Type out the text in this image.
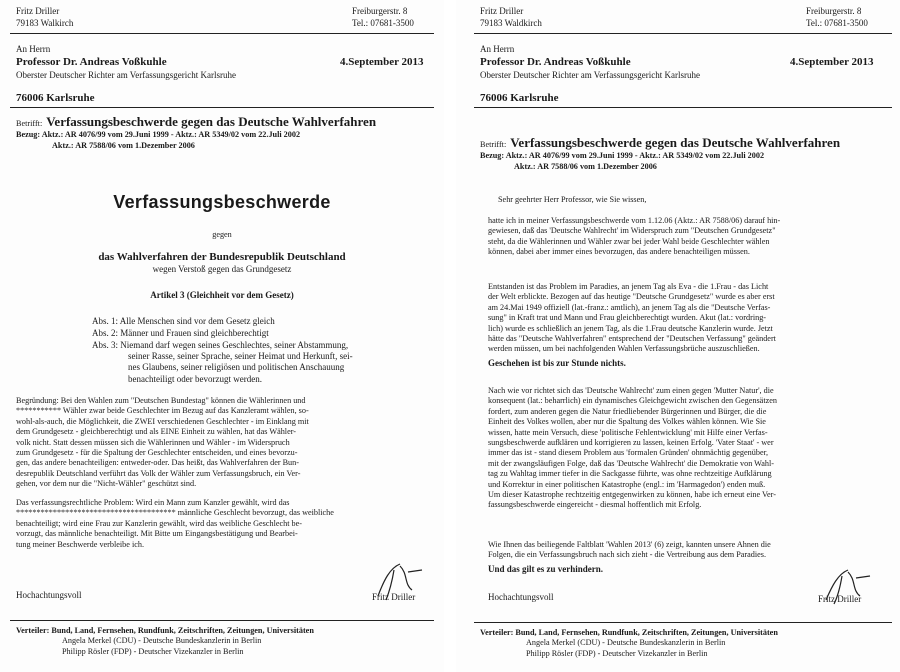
Fritz Driller
79183 Walkirch
Freiburgerstr. 8
Tel.: 07681-3500
An Herrn
Professor Dr. Andreas Voßkuhle	4.September 2013
Oberster Deutscher Richter am Verfassungsgericht Karlsruhe
76006 Karlsruhe
Betrifft: Verfassungsbeschwerde gegen das Deutsche Wahlverfahren
Bezug: Aktz.: AR 4076/99 vom 29.Juni 1999 - Aktz.: AR 5349/02 vom 22.Juli 2002
Aktz.: AR 7588/06 vom 1.Dezember 2006
Verfassungsbeschwerde
gegen
das Wahlverfahren der Bundesrepublik Deutschland
wegen Verstoß gegen das Grundgesetz
Artikel 3 (Gleichheit vor dem Gesetz)
Abs. 1: Alle Menschen sind vor dem Gesetz gleich
Abs. 2: Männer und Frauen sind gleichberechtigt
Abs. 3: Niemand darf wegen seines Geschlechtes, seiner Abstammung,
seiner Rasse, seiner Sprache, seiner Heimat und Herkunft, sei-
nes Glaubens, seiner religiösen und politischen Anschauung
benachteiligt oder bevorzugt werden.
Begründung: Bei den Wahlen zum "Deutschen Bundestag" können die Wählerinnen und
*********** Wähler zwar beide Geschlechter im Bezug auf das Kanzleramt wählen, so-
wohl-als-auch, die Möglichkeit, die ZWEI verschiedenen Geschlechter - im Einklang mit
dem Grundgesetz - gleichberechtigt und als EINE Einheit zu wählen, hat das Wähler-
volk nicht. Statt dessen müssen sich die Wählerinnen und Wähler - im Widerspruch
zum Grundgesetz - für die Spaltung der Geschlechter entscheiden, und eines bevorzu-
gen, das andere benachteiligen: entweder-oder. Das heißt, das Wahlverfahren der Bun-
desrepublik Deutschland verführt das Volk der Wähler zum Verfassungsbruch, ein Ver-
gehen, vor dem nur die "Nicht-Wähler" geschützt sind.
Das verfassungsrechtliche Problem: Wird ein Mann zum Kanzler gewählt, wird das
*************************************** männliche Geschlecht bevorzugt, das weibliche
benachteiligt; wird eine Frau zur Kanzlerin gewählt, wird das weibliche Geschlecht be-
vorzugt, das männliche benachteiligt. Mit Bitte um Eingangsbestätigung und Bearbei-
tung meiner Beschwerde verbleibe ich.
Hochachtungsvoll	Fritz Driller
Verteiler: Bund, Land, Fernsehen, Rundfunk, Zeitschriften, Zeitungen, Universitäten
Angela Merkel (CDU) - Deutsche Bundeskanzlerin in Berlin
Philipp Rösler (FDP) - Deutscher Vizekanzler in Berlin
Fritz Driller
79183 Waldkirch
Freiburgerstr. 8
Tel.: 07681-3500
An Herrn
Professor Dr. Andreas Voßkuhle	4.September 2013
Oberster Deutscher Richter am Verfassungsgericht Karlsruhe
76006 Karlsruhe
Betrifft: Verfassungsbeschwerde gegen das Deutsche Wahlverfahren
Bezug: Aktz.: AR 4076/99 vom 29.Juni 1999 - Aktz.: AR 5349/02 vom 22.Juli 2002
Aktz.: AR 7588/06 vom 1.Dezember 2006
Sehr geehrter Herr Professor, wie Sie wissen,
hatte ich in meiner Verfassungsbeschwerde vom 1.12.06 (Aktz.: AR 7588/06) darauf hin-
gewiesen, daß das 'Deutsche Wahlrecht' im Widerspruch zum "Deutschen Grundgesetz"
steht, da die Wählerinnen und Wähler zwar bei jeder Wahl beide Geschlechter wählen
können, dabei aber immer eines bevorzugen, das andere benachteiligen müssen.
Entstanden ist das Problem im Paradies, an jenem Tag als Eva - die 1.Frau - das Licht
der Welt erblickte. Bezogen auf das heutige "Deutsche Grundgesetz" wurde es aber erst
am 24.Mai 1949 offiziell (lat.-franz.: amtlich), an jenem Tag als die "Deutsche Verfas-
sung" in Kraft trat und Mann und Frau gleichberechtigt wurden. Akut (lat.: vordring-
lich) wurde es schließlich an jenem Tag, als die 1.Frau deutsche Kanzlerin wurde. Jetzt
hätte das "Deutsche Wahlverfahren" entsprechend der "Deutschen Verfassung" geändert
werden müssen, um bei nachfolgenden Wahlen Verfassungsbrüche auszuschließen.
Geschehen ist bis zur Stunde nichts.
Nach wie vor richtet sich das 'Deutsche Wahlrecht' zum einen gegen 'Mutter Natur', die
konsequent (lat.: beharrlich) ein dynamisches Gleichgewicht zwischen den Gegensätzen
fordert, zum anderen gegen die Natur friedliebender Bürgerinnen und Bürger, die die
Einheit des Volkes wollen, aber nur die Spaltung des Volkes wählen können. Wie Sie
wissen, hatte mein Versuch, diese 'politische Fehlentwicklung' mit Hilfe einer Verfas-
sungsbeschwerde aufklären und korrigieren zu lassen, keinen Erfolg. 'Vater Staat' - wer
immer das ist - stand diesem Problem aus 'formalen Gründen' ohnmächtig gegenüber,
mit der zwangsläufigen Folge, daß das 'Deutsche Wahlrecht' die Demokratie von Wahl-
tag zu Wahltag immer tiefer in die Sackgasse führte, was ohne rechtzeitige Aufklärung
und Korrektur in einer politischen Katastrophe (engl.: im 'Harmagedon') enden muß.
Um dieser Katastrophe rechtzeitig entgegenwirken zu können, habe ich erneut eine Ver-
fassungsbeschwerde eingereicht - diesmal hoffentlich mit Erfolg.
Wie Ihnen das beiliegende Faltblatt 'Wahlen 2013' (6) zeigt, kannten unsere Ahnen die
Folgen, die ein Verfassungsbruch nach sich zieht - die Vertreibung aus dem Paradies.
Und das gilt es zu verhindern.
Hochachtungsvoll	Fritz Driller
Verteiler: Bund, Land, Fernsehen, Rundfunk, Zeitschriften, Zeitungen, Universitäten
Angela Merkel (CDU) - Deutsche Bundeskanzlerin in Berlin
Philipp Rösler (FDP) - Deutscher Vizekanzler in Berlin
